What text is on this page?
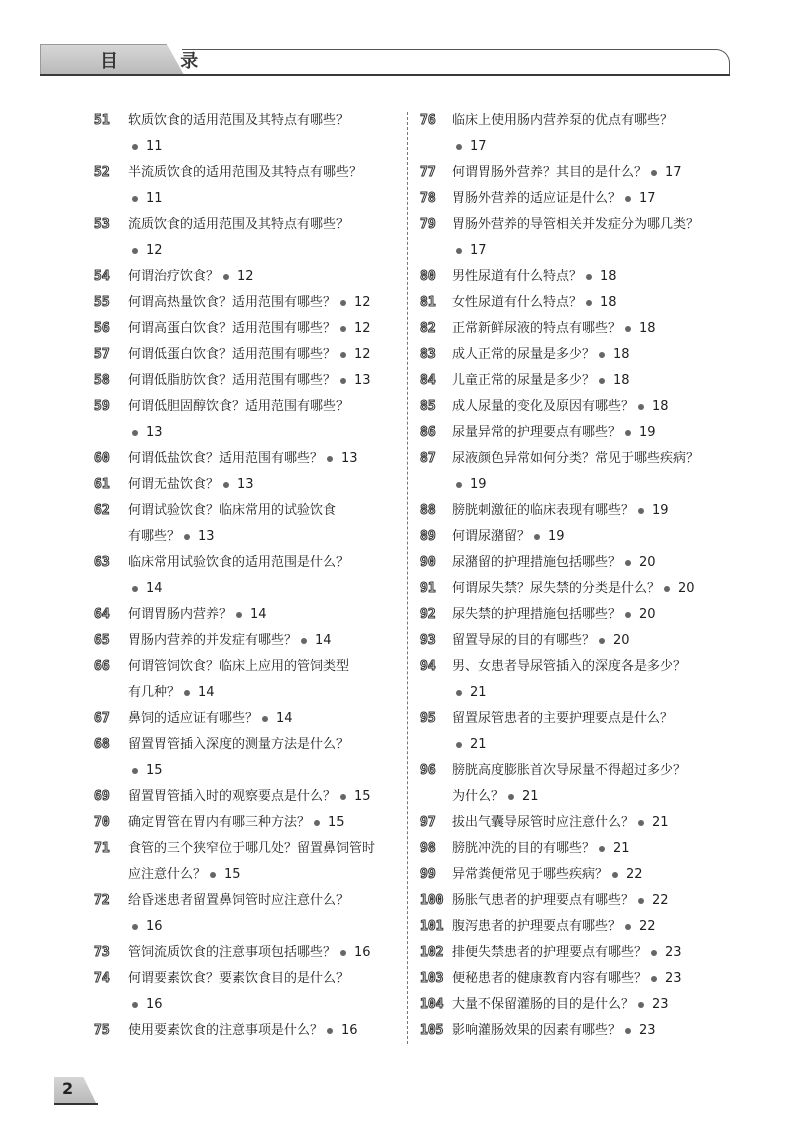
目 录
51	软质饮食的适用范围及其特点有哪些？
11
52	半流质饮食的适用范围及其特点有哪些？
11
53	流质饮食的适用范围及其特点有哪些？
12
54	何谓治疗饮食？ 12
55	何谓高热量饮食？适用范围有哪些？ 12
56	何谓高蛋白饮食？适用范围有哪些？ 12
57	何谓低蛋白饮食？适用范围有哪些？ 12
58	何谓低脂肪饮食？适用范围有哪些？ 13
59	何谓低胆固醇饮食？适用范围有哪些？
13
60	何谓低盐饮食？适用范围有哪些？ 13
61	何谓无盐饮食？ 13
62	何谓试验饮食？临床常用的试验饮食
有哪些？ 13
63	临床常用试验饮食的适用范围是什么？
14
64	何谓胃肠内营养？ 14
65	胃肠内营养的并发症有哪些？ 14
66	何谓管饲饮食？临床上应用的管饲类型
有几种？ 14
67	鼻饲的适应证有哪些？ 14
68	留置胃管插入深度的测量方法是什么？
15
69	留置胃管插入时的观察要点是什么？ 15
70	确定胃管在胃内有哪三种方法？ 15
71	食管的三个狭窄位于哪几处？留置鼻饲管时
应注意什么？ 15
72	给昏迷患者留置鼻饲管时应注意什么？
16
73	管饲流质饮食的注意事项包括哪些？ 16
74	何谓要素饮食？要素饮食目的是什么？
16
75	使用要素饮食的注意事项是什么？ 16
76	临床上使用肠内营养泵的优点有哪些？
17
77	何谓胃肠外营养？其目的是什么？ 17
78	胃肠外营养的适应证是什么？ 17
79	胃肠外营养的导管相关并发症分为哪几类？
17
80	男性尿道有什么特点？ 18
81	女性尿道有什么特点？ 18
82	正常新鲜尿液的特点有哪些？ 18
83	成人正常的尿量是多少？ 18
84	儿童正常的尿量是多少？ 18
85	成人尿量的变化及原因有哪些？ 18
86	尿量异常的护理要点有哪些？ 19
87	尿液颜色异常如何分类？常见于哪些疾病？
19
88	膀胱刺激征的临床表现有哪些？ 19
89	何谓尿潴留？ 19
90	尿潴留的护理措施包括哪些？ 20
91	何谓尿失禁？尿失禁的分类是什么？ 20
92	尿失禁的护理措施包括哪些？ 20
93	留置导尿的目的有哪些？ 20
94	男、女患者导尿管插入的深度各是多少？
21
95	留置尿管患者的主要护理要点是什么？
21
96	膀胱高度膨胀首次导尿量不得超过多少？
为什么？ 21
97	拔出气囊导尿管时应注意什么？ 21
98	膀胱冲洗的目的有哪些？ 21
99	异常粪便常见于哪些疾病？ 22
100 肠胀气患者的护理要点有哪些？ 22
101 腹泻患者的护理要点有哪些？ 22
102 排便失禁患者的护理要点有哪些？ 23
103 便秘患者的健康教育内容有哪些？ 23
104 大量不保留灌肠的目的是什么？ 23
105 影响灌肠效果的因素有哪些？ 23
2
